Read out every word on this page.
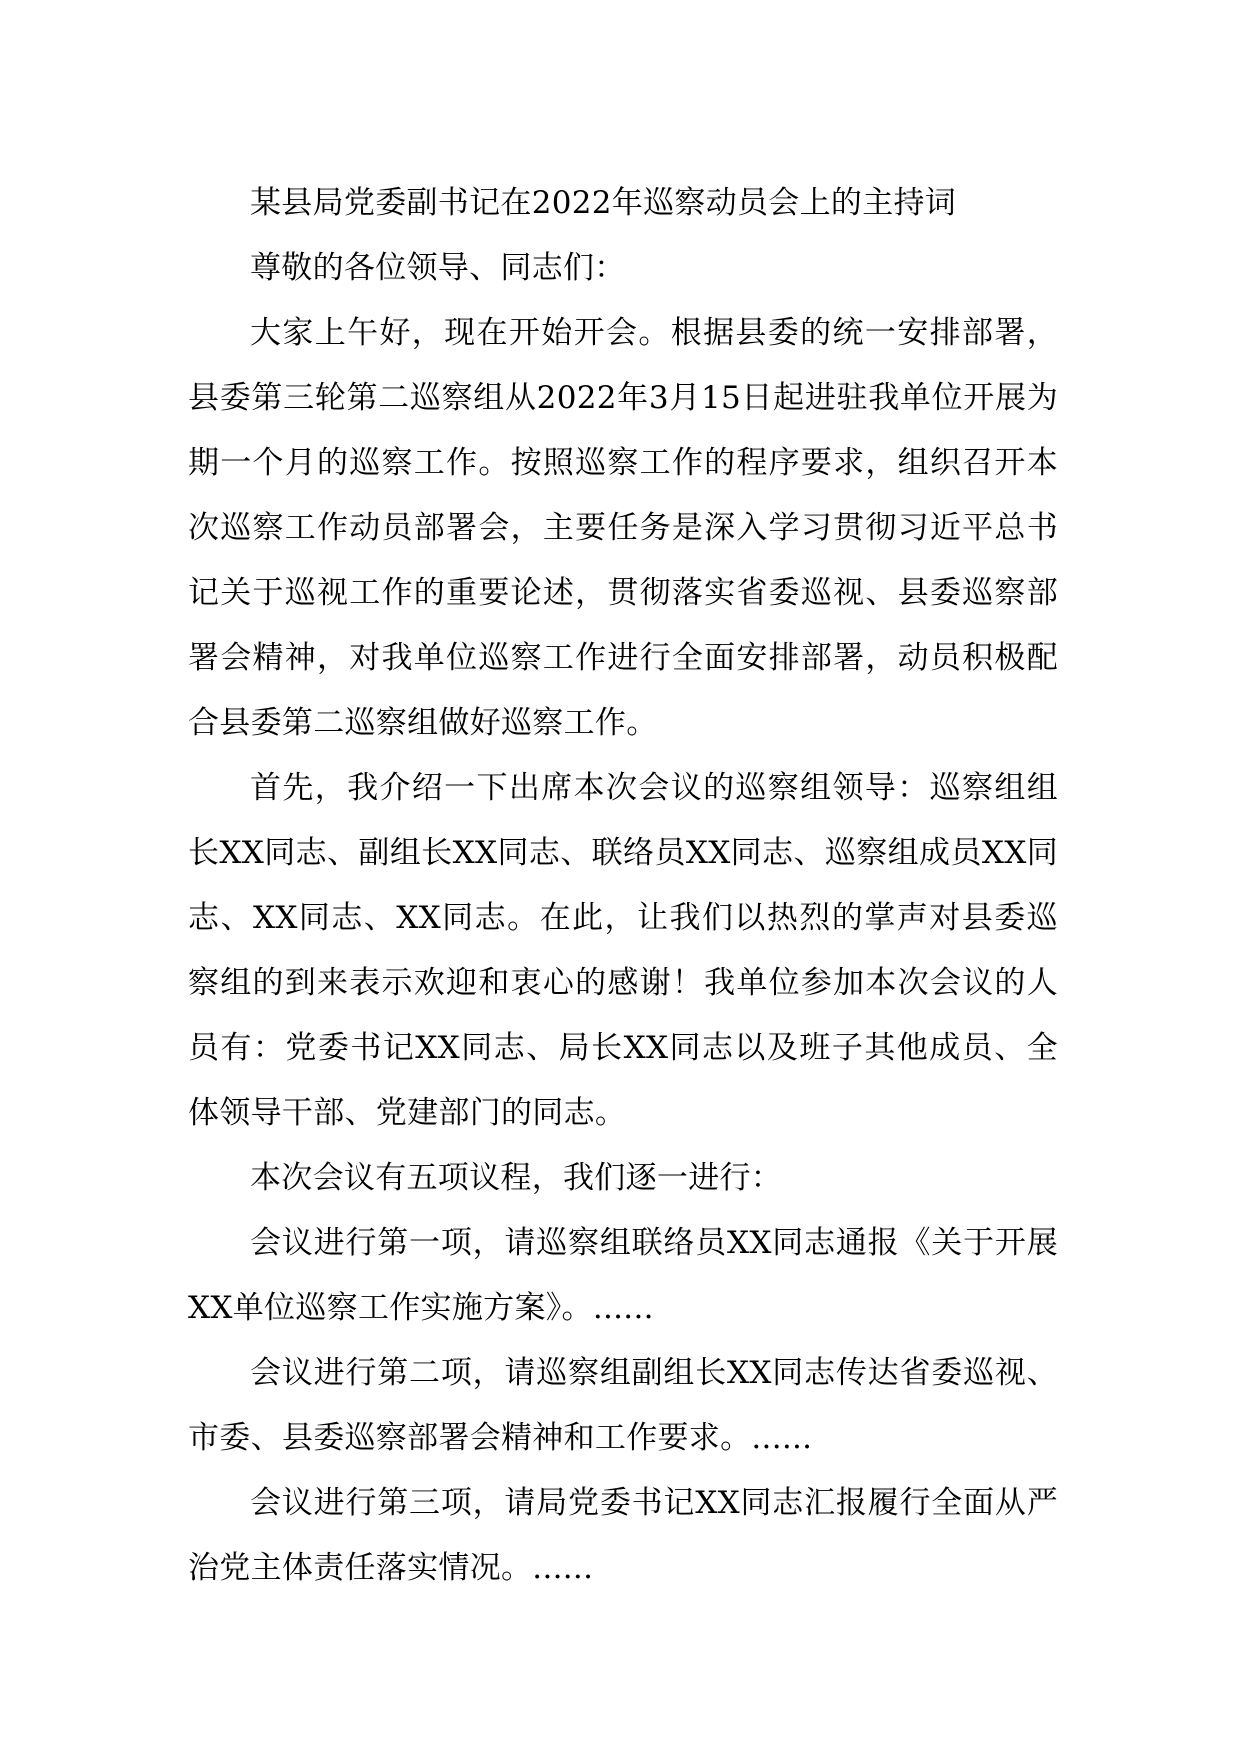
某县局党委副书记在2022年巡察动员会上的主持词

尊敬的各位领导、同志们：

大家上午好，现在开始开会。根据县委的统一安排部署，县委第三轮第二巡察组从2022年3月15日起进驻我单位开展为期一个月的巡察工作。按照巡察工作的程序要求，组织召开本次巡察工作动员部署会，主要任务是深入学习贯彻习近平总书记关于巡视工作的重要论述，贯彻落实省委巡视、县委巡察部署会精神，对我单位巡察工作进行全面安排部署，动员积极配合县委第二巡察组做好巡察工作。

首先，我介绍一下出席本次会议的巡察组领导：巡察组组长XX同志、副组长XX同志、联络员XX同志、巡察组成员XX同志、XX同志、XX同志。在此，让我们以热烈的掌声对县委巡察组的到来表示欢迎和衷心的感谢！我单位参加本次会议的人员有：党委书记XX同志、局长XX同志以及班子其他成员、全体领导干部、党建部门的同志。

本次会议有五项议程，我们逐一进行：

会议进行第一项，请巡察组联络员XX同志通报《关于开展XX单位巡察工作实施方案》。......

会议进行第二项，请巡察组副组长XX同志传达省委巡视、市委、县委巡察部署会精神和工作要求。......

会议进行第三项，请局党委书记XX同志汇报履行全面从严治党主体责任落实情况。......
